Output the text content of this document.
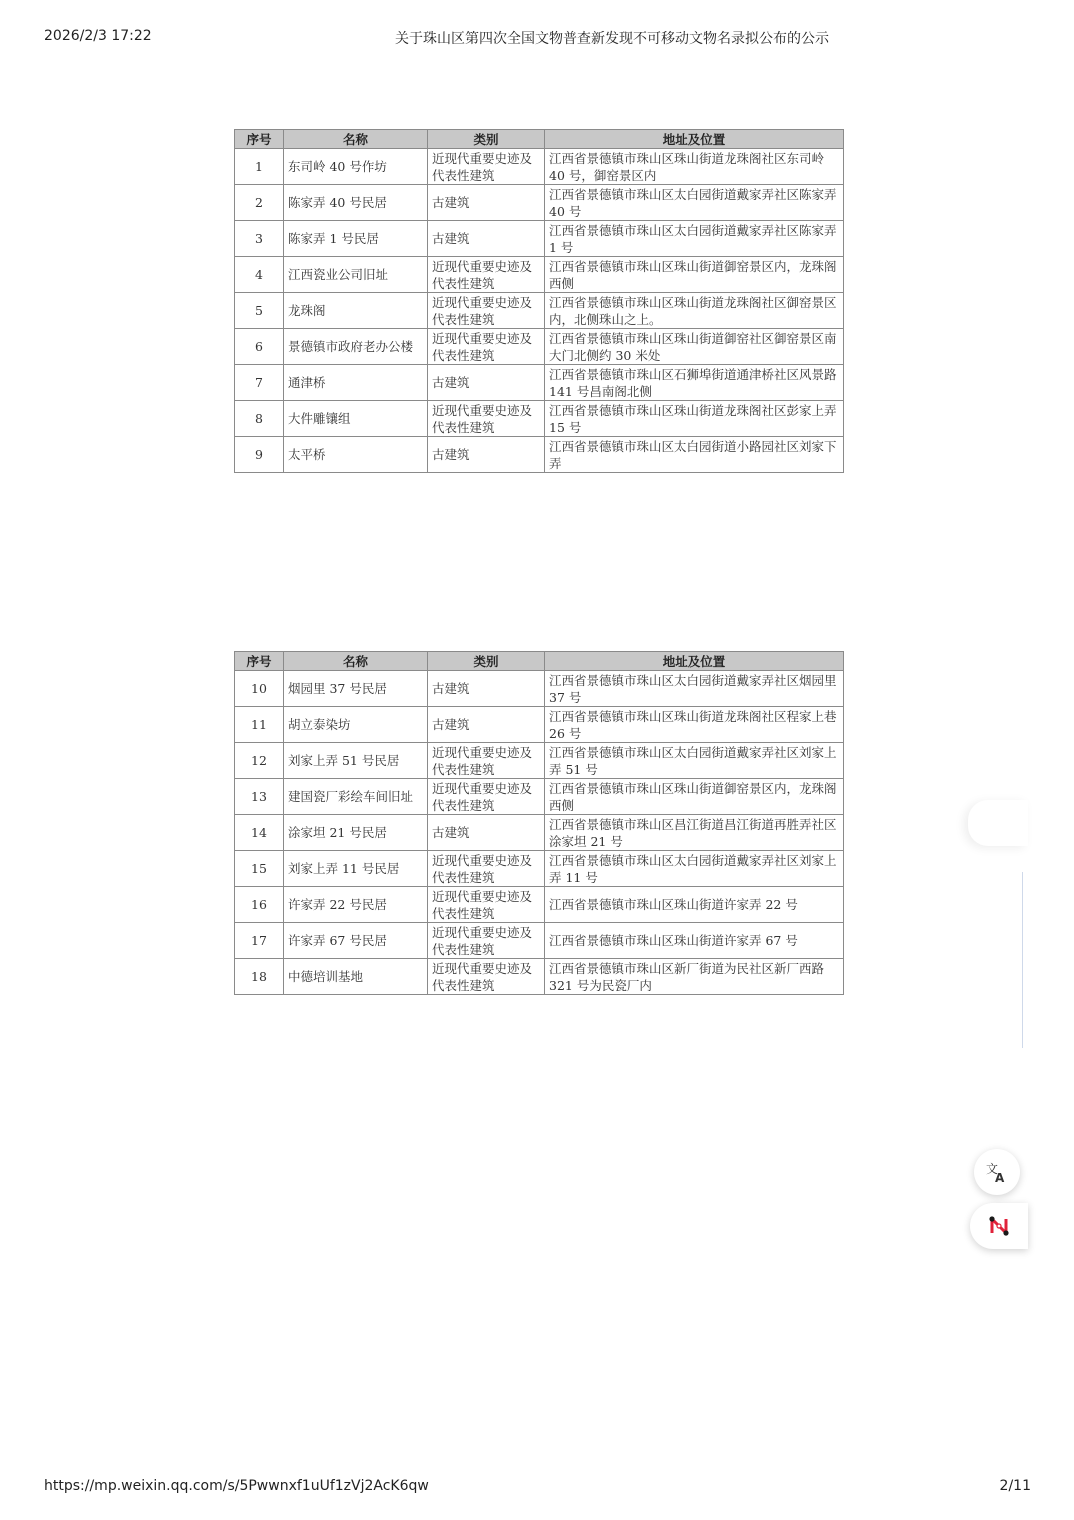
2026/2/3 17:22	关于珠山区第四次全国文物普查新发现不可移动文物名录拟公布的公示
序号	名称	类别	地址及位置
1	东司岭 40 号作坊	近现代重要史迹及代表性建筑	江西省景德镇市珠山区珠山街道龙珠阁社区东司岭 40 号，御窑景区内
2	陈家弄 40 号民居	古建筑	江西省景德镇市珠山区太白园街道戴家弄社区陈家弄 40 号
3	陈家弄 1 号民居	古建筑	江西省景德镇市珠山区太白园街道戴家弄社区陈家弄 1 号
4	江西瓷业公司旧址	近现代重要史迹及代表性建筑	江西省景德镇市珠山区珠山街道御窑景区内，龙珠阁西侧
5	龙珠阁	近现代重要史迹及代表性建筑	江西省景德镇市珠山区珠山街道龙珠阁社区御窑景区内，北侧珠山之上。
6	景德镇市政府老办公楼	近现代重要史迹及代表性建筑	江西省景德镇市珠山区珠山街道御窑社区御窑景区南大门北侧约 30 米处
7	通津桥	古建筑	江西省景德镇市珠山区石狮埠街道通津桥社区风景路 141 号昌南阁北侧
8	大件雕镶组	近现代重要史迹及代表性建筑	江西省景德镇市珠山区珠山街道龙珠阁社区彭家上弄 15 号
9	太平桥	古建筑	江西省景德镇市珠山区太白园街道小路园社区刘家下弄
序号	名称	类别	地址及位置
10	烟园里 37 号民居	古建筑	江西省景德镇市珠山区太白园街道戴家弄社区烟园里 37 号
11	胡立泰染坊	古建筑	江西省景德镇市珠山区珠山街道龙珠阁社区程家上巷 26 号
12	刘家上弄 51 号民居	近现代重要史迹及代表性建筑	江西省景德镇市珠山区太白园街道戴家弄社区刘家上弄 51 号
13	建国瓷厂彩绘车间旧址	近现代重要史迹及代表性建筑	江西省景德镇市珠山区珠山街道御窑景区内，龙珠阁西侧
14	涂家坦 21 号民居	古建筑	江西省景德镇市珠山区昌江街道昌江街道再胜弄社区涂家坦 21 号
15	刘家上弄 11 号民居	近现代重要史迹及代表性建筑	江西省景德镇市珠山区太白园街道戴家弄社区刘家上弄 11 号
16	许家弄 22 号民居	近现代重要史迹及代表性建筑	江西省景德镇市珠山区珠山街道许家弄 22 号
17	许家弄 67 号民居	近现代重要史迹及代表性建筑	江西省景德镇市珠山区珠山街道许家弄 67 号
18	中德培训基地	近现代重要史迹及代表性建筑	江西省景德镇市珠山区新厂街道为民社区新厂西路 321 号为民瓷厂内
文
A
https://mp.weixin.qq.com/s/5Pwwnxf1uUf1zVj2AcK6qw	2/11
